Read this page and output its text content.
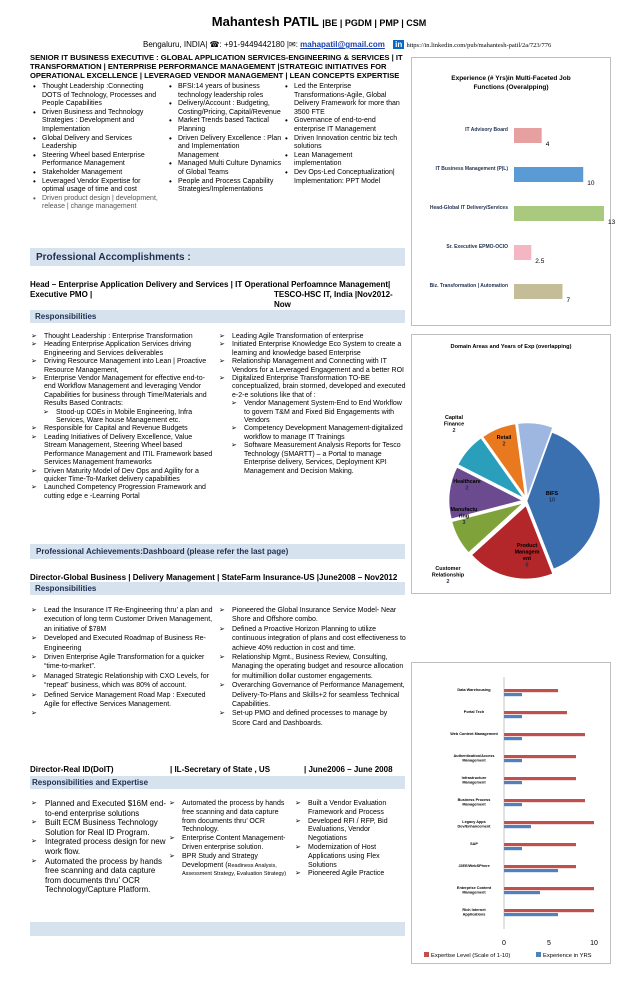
Mahantesh PATIL |BE | PGDM | PMP | CSM
Bengaluru, INDIA| ☎: +91-9449442180 |✉: mahapatil@gmail.com in https://in.linkedin.com/pub/mahantesh-patil/2a/723/776
SENIOR IT BUSINESS EXECUTIVE : GLOBAL APPLICATION SERVICES-ENGINEERING & SERVICES | IT
TRANSFORMATION | ENTERPRISE PERFORMANCE MANAGEMENT |STRATEGIC INITIATIVES FOR
OPERATIONAL EXCELLENCE | LEVERAGED VENDOR MANAGEMENT | LEAN CONCEPTS EXPERTISE
• Thought Leadership :Connecting DOTS of Technology, Processes and People Capabilities
• Driven Business and Technology Strategies : Development and Implementation
• Global Delivery and Services Leadership
• Steering Wheel based Enterprise Performance Management
• Stakeholder Management
• Leveraged Vendor Expertise for optimal usage of time and cost
• Driven product design | development, release | change management
• BFSI:14 years of business technology leadership roles
• Delivery/Account : Budgeting, Costing/Pricing, Capital/Revenue
• Market Trends based Tactical Planning
• Driven Delivery Excellence : Plan and Implementation Management
• Managed Multi Culture Dynamics of Global Teams
• People and Process Capability Strategies/Implementations
• Led the Enterprise Transformations-Agile, Global Delivery Framework for more than 3500 FTE
• Governance of end-to-end enterprise IT Management
• Driven Innovation centric biz tech solutions
• Lean Management implementation
• Dev Ops-Led Conceptualization| Implementation: PPT Model
Professional Accomplishments :
Head – Enterprise Application Delivery and Services | IT Operational Perfoamnce Management|
Executive PMO |	TESCO-HSC IT, India |Nov2012-Now
Responsibilities
➢ Thought Leadership : Enterprise Transformation
➢ Heading Enterprise Application Services driving Engineering and Services deliverables
➢ Driving Resource Management into Lean | Proactive Resource Management,
➢ Enterprise Vendor Management for effective end-to-end Workflow Management and leveraging Vendor Capabilities for business through Time/Materials and Results Based Contracts:
➢ Stood-up COEs in Mobile Engineering, Infra Services, Ware house Management etc.
➢ Responsible for Capital and Revenue Budgets
➢ Leading Initiatives of Delivery Excellence, Value Stream Management, Steering Wheel based Performance Management and ITIL Framework based Services Management frameworks
➢ Driven Maturity Model of Dev Ops and Agility for a quicker Time-To-Market delivery capabilities
➢ Launched Competency Progression Framework and cutting edge e -Learning Portal
➢ Leading Agile Transformation of enterprise
➢ Initiated Enterprise Knowledge Eco System to create a learning and knowledge based Enterprise
➢ Relationship Management and Connecting with IT Vendors for a Leveraged Engagement and a better ROI
➢ Digitalized Enterprise Transformation TO-BE conceptualized, brain stormed, developed and executed e-2-e solutions like that of :
➢ Vendor Management System-End to End Workflow to govern T&M and Fixed Bid Engagements with Vendors
➢ Competency Development Management-digitalized workflow to manage IT Trainings
➢ Software Measurement Analysis Reports for Tesco Technology (SMARTT) – a Portal to manage Enterprise delivery, Services, Deployment KPI Management and Decision Making.
Professional Achievements:Dashboard (please refer the last page)
Director-Global Business | Delivery Management | StateFarm Insurance-US |June2008 – Nov2012
Responsibilities
➢ Lead the Insurance IT Re-Engineering thru’ a plan and execution of long term Customer Driven Management, an initiative of $78M
➢ Developed and Executed Roadmap of Business Re-Engineering
➢ Driven Enterprise Agile Transformation for a quicker “time-to-market”.
➢ Managed Strategic Relationship with CXO Levels, for “repeat” business, which was 80% of account.
➢ Defined Service Management Road Map : Executed Agile for effective Services Management.
➢ Pioneered the Global Insurance Service Model- Near Shore and Offshore combo.
➢ Defined a Proactive Horizon Planning to utilize continuous integration of plans and cost effectiveness to achieve 40% reduction in cost and time.
➢ Relationship Mgmt., Business Review, Consulting, Managing the operating budget and resource allocation for multimillion dollar customer engagements.
➢ Overarching Governance of Performance Management, Delivery-To-Plans and Skills+2 for seamless Technical Capabilities.
➢ Set-up PMO and defined processes to manage by Score Card and Dashboards.
Director-Real ID(DoIT)	| IL-Secretary of State , US	| June2006 – June 2008
Responsibilities and Expertise
➢ Planned and Executed $16M end-to-end enterprise solutions
➢ Built ECM Business Technology Solution for Real ID Program.
➢ Integrated process design for new work flow.
➢ Automated the process by hands free scanning and data capture from documents thru’ OCR Technology/Capture Platform.
➢ Automated the process by hands free scanning and data capture from documents thru’ OCR Technology.
➢ Enterprise Content Management-Driven enterprise solution.
➢ BPR Study and Strategy Development (Readiness Analysis, Assessment Strategy, Evaluation Strategy)
➢ Built a Vendor Evaluation Framework and Process
➢ Developed RFI / RFP, Bid Evaluations, Vendor Negotiations
➢ Modernization of Host Applications using Flex Solutions
➢ Pioneered Agile Practice
Experience (# Yrs)in Multi-Faceted Job
Functions (Overalpping)
IT Advisory Board
4
IT Business Management (P|L)
10
Head-Global IT Delivery/Services
13
Sr. Executive EPMO-OCIO
2.5
Biz. Transformation | Automation
7
Domain Areas and Years of Exp (overlapping)
BIFS
10
Product
Managem
ent
5
Customer
Relationship
2
Manufactu
ring
3
Healthcare
2
Capital
Finance
2
Retail
2
Data Warehousing
Portal Tech
Web Content Management
Authentication/Access
Management
Infrastructure
Management
Business Process
Management
Legacy Apps
Dev/Enhancement
SAP
J2EE/WebSPhere
Enterprise Content
Management
Rich Internet
Applications
0	5	10
Expertise Level (Scale of 1-10)	Experience in YRS
